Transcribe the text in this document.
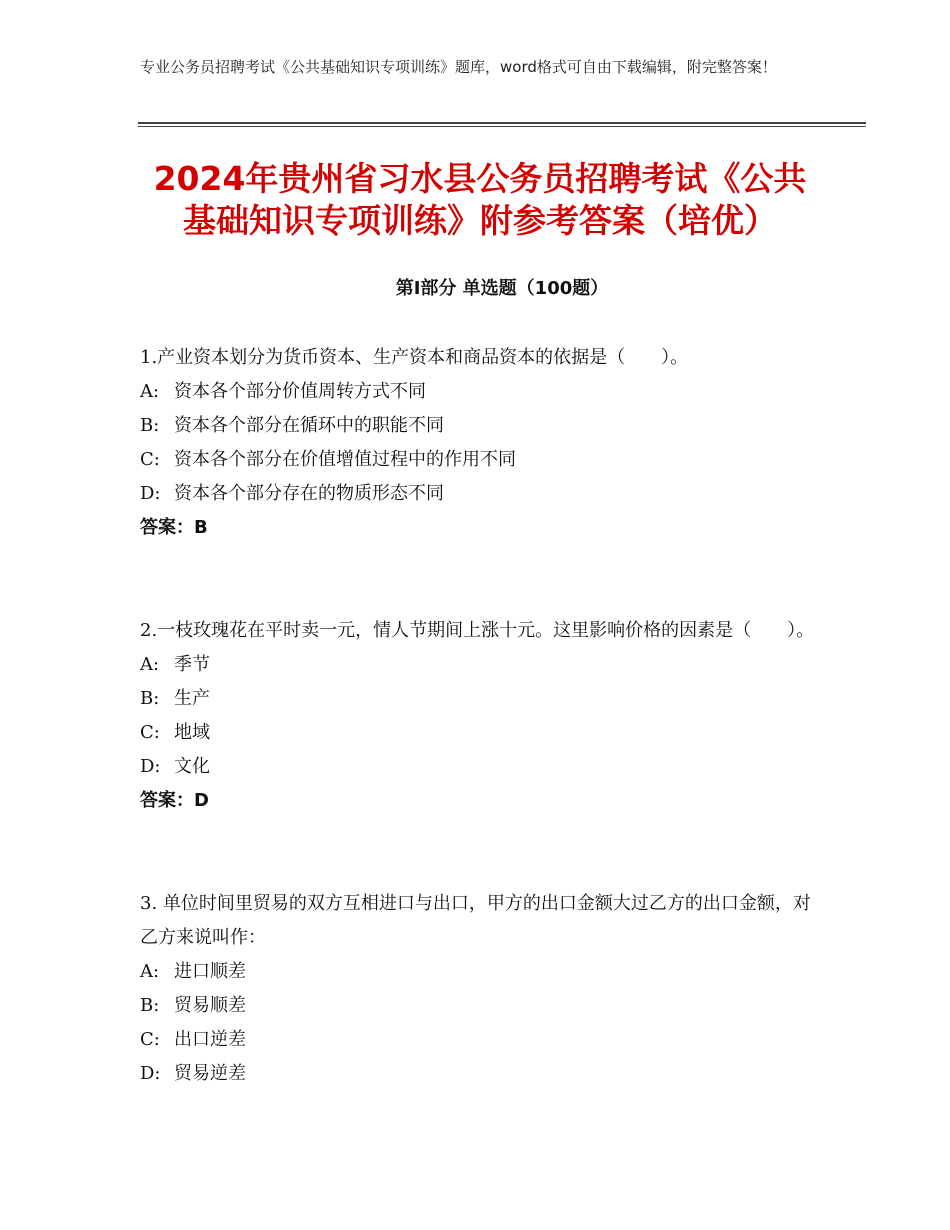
专业公务员招聘考试《公共基础知识专项训练》题库，word格式可自由下载编辑，附完整答案！
2024年贵州省习水县公务员招聘考试《公共
基础知识专项训练》附参考答案（培优）
第Ⅰ部分 单选题（100题）

1.产业资本划分为货币资本、生产资本和商品资本的依据是（　　）。

A: 资本各个部分价值周转方式不同

B: 资本各个部分在循环中的职能不同

C: 资本各个部分在价值增值过程中的作用不同

D: 资本各个部分存在的物质形态不同

答案：B

2.一枝玫瑰花在平时卖一元，情人节期间上涨十元。这里影响价格的因素是（　　）。

A: 季节

B: 生产

C: 地域

D: 文化

答案：D

3. 单位时间里贸易的双方互相进口与出口，甲方的出口金额大过乙方的出口金额，对乙方来说叫作：

A: 进口顺差

B: 贸易顺差

C: 出口逆差

D: 贸易逆差
